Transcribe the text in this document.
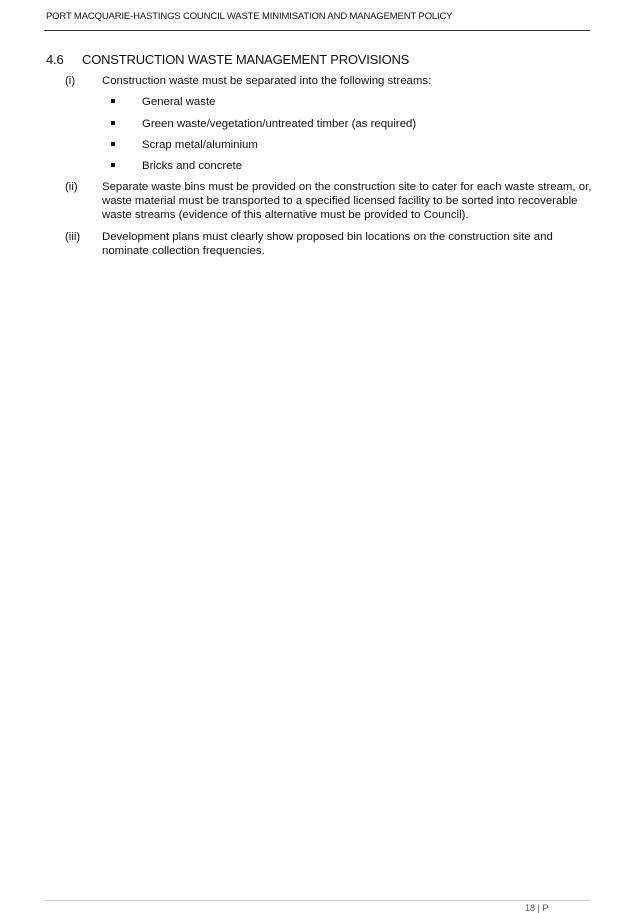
PORT MACQUARIE-HASTINGS COUNCIL WASTE MINIMISATION AND MANAGEMENT POLICY
4.6 CONSTRUCTION WASTE MANAGEMENT PROVISIONS
(i) Construction waste must be separated into the following streams:
General waste
Green waste/vegetation/untreated timber (as required)
Scrap metal/aluminium
Bricks and concrete
(ii) Separate waste bins must be provided on the construction site to cater for each waste stream, or, waste material must be transported to a specified licensed facility to be sorted into recoverable waste streams (evidence of this alternative must be provided to Council).
(iii) Development plans must clearly show proposed bin locations on the construction site and nominate collection frequencies.
18 | P
